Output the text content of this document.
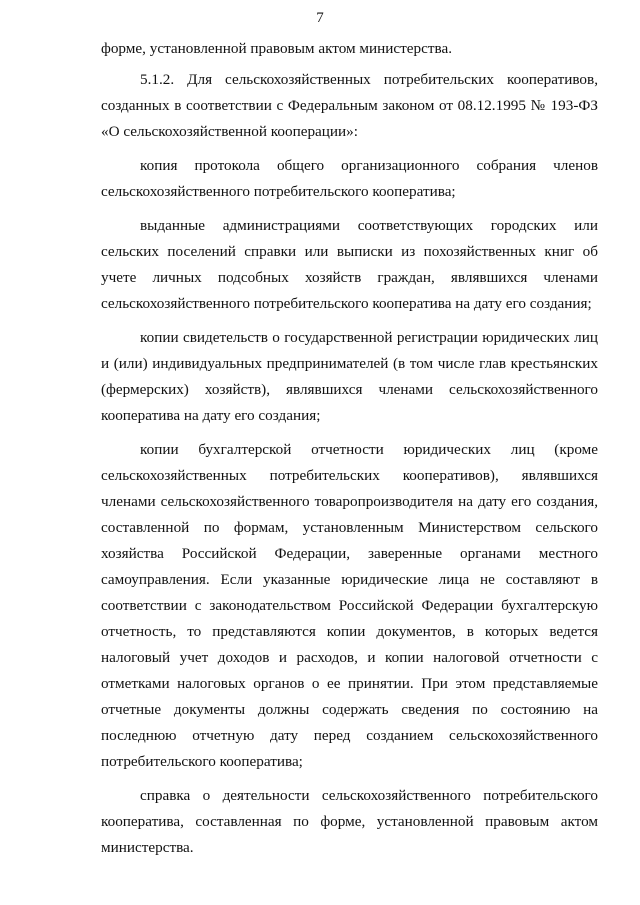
7

форме, установленной правовым актом министерства.

5.1.2. Для сельскохозяйственных потребительских кооперативов, созданных в соответствии с Федеральным законом от 08.12.1995 № 193-ФЗ «О сельскохозяйственной кооперации»:

копия протокола общего организационного собрания членов сельскохозяйственного потребительского кооператива;

выданные администрациями соответствующих городских или сельских поселений справки или выписки из похозяйственных книг об учете личных подсобных хозяйств граждан, являвшихся членами сельскохозяйственного потребительского кооператива на дату его создания;

копии свидетельств о государственной регистрации юридических лиц и (или) индивидуальных предпринимателей (в том числе глав крестьянских (фермерских) хозяйств), являвшихся членами сельскохозяйственного кооператива на дату его создания;

копии бухгалтерской отчетности юридических лиц (кроме сельскохозяйственных потребительских кооперативов), являвшихся членами сельскохозяйственного товаропроизводителя на дату его создания, составленной по формам, установленным Министерством сельского хозяйства Российской Федерации, заверенные органами местного самоуправления. Если указанные юридические лица не составляют в соответствии с законодательством Российской Федерации бухгалтерскую отчетность, то представляются копии документов, в которых ведется налоговый учет доходов и расходов, и копии налоговой отчетности с отметками налоговых органов о ее принятии. При этом представляемые отчетные документы должны содержать сведения по состоянию на последнюю отчетную дату перед созданием сельскохозяйственного потребительского кооператива;

справка о деятельности сельскохозяйственного потребительского кооператива, составленная по форме, установленной правовым актом министерства.
